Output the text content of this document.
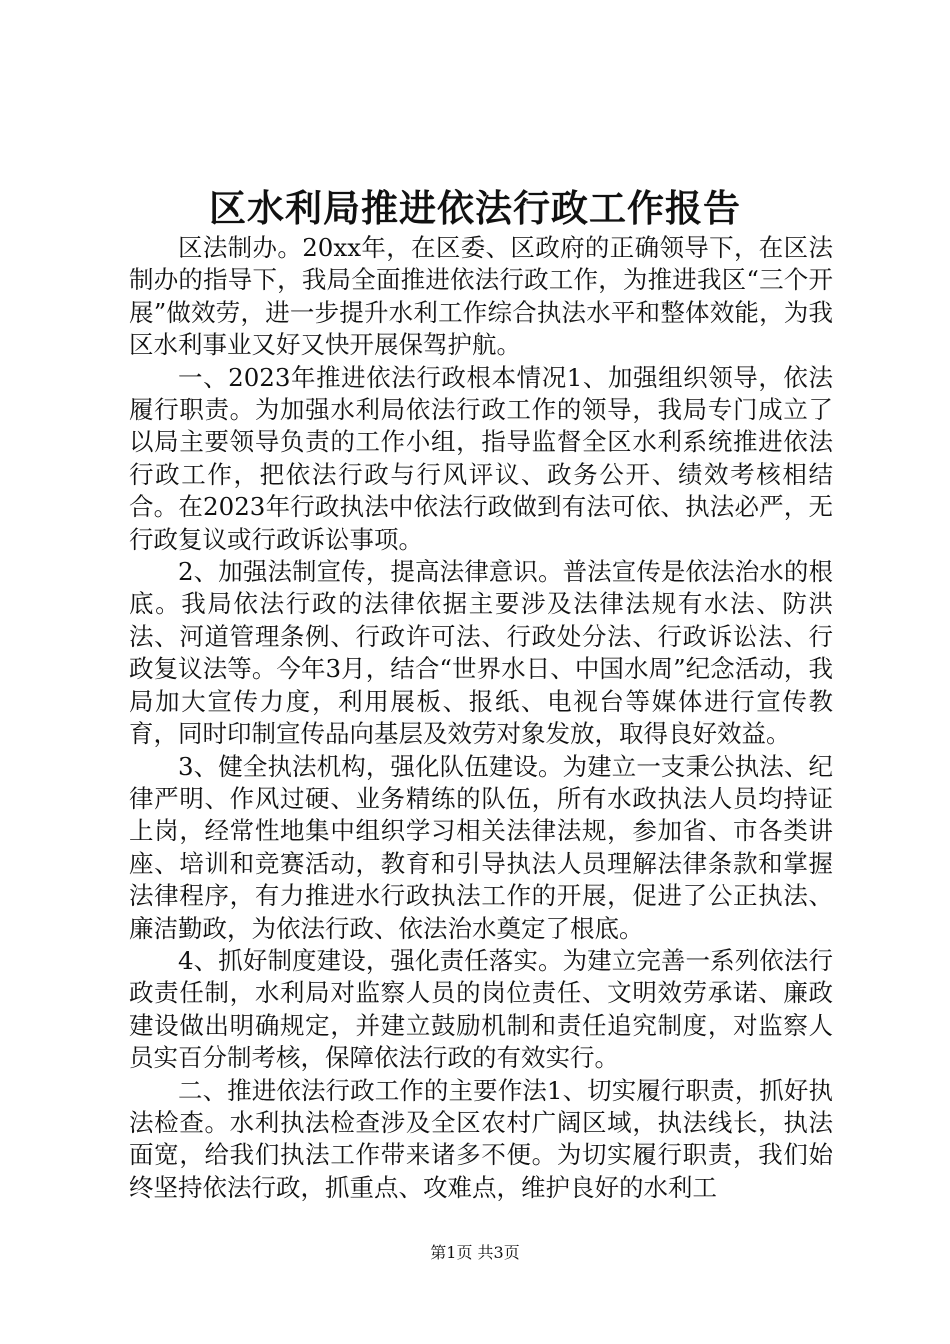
区水利局推进依法行政工作报告

区法制办。20xx年，在区委、区政府的正确领导下，在区法制办的指导下，我局全面推进依法行政工作，为推进我区“三个开展”做效劳，进一步提升水利工作综合执法水平和整体效能，为我区水利事业又好又快开展保驾护航。

一、2023年推进依法行政根本情况1、加强组织领导，依法履行职责。为加强水利局依法行政工作的领导，我局专门成立了以局主要领导负责的工作小组，指导监督全区水利系统推进依法行政工作，把依法行政与行风评议、政务公开、绩效考核相结合。在2023年行政执法中依法行政做到有法可依、执法必严，无行政复议或行政诉讼事项。

2、加强法制宣传，提高法律意识。普法宣传是依法治水的根底。我局依法行政的法律依据主要涉及法律法规有水法、防洪法、河道管理条例、行政许可法、行政处分法、行政诉讼法、行政复议法等。今年3月，结合“世界水日、中国水周”纪念活动，我局加大宣传力度，利用展板、报纸、电视台等媒体进行宣传教育，同时印制宣传品向基层及效劳对象发放，取得良好效益。

3、健全执法机构，强化队伍建设。为建立一支秉公执法、纪律严明、作风过硬、业务精练的队伍，所有水政执法人员均持证上岗，经常性地集中组织学习相关法律法规，参加省、市各类讲座、培训和竞赛活动，教育和引导执法人员理解法律条款和掌握法律程序，有力推进水行政执法工作的开展，促进了公正执法、廉洁勤政，为依法行政、依法治水奠定了根底。

4、抓好制度建设，强化责任落实。为建立完善一系列依法行政责任制，水利局对监察人员的岗位责任、文明效劳承诺、廉政建设做出明确规定，并建立鼓励机制和责任追究制度，对监察人员实百分制考核，保障依法行政的有效实行。

二、推进依法行政工作的主要作法1、切实履行职责，抓好执法检查。水利执法检查涉及全区农村广阔区域，执法线长，执法面宽，给我们执法工作带来诸多不便。为切实履行职责，我们始终坚持依法行政，抓重点、攻难点，维护良好的水利工

第1页 共3页
